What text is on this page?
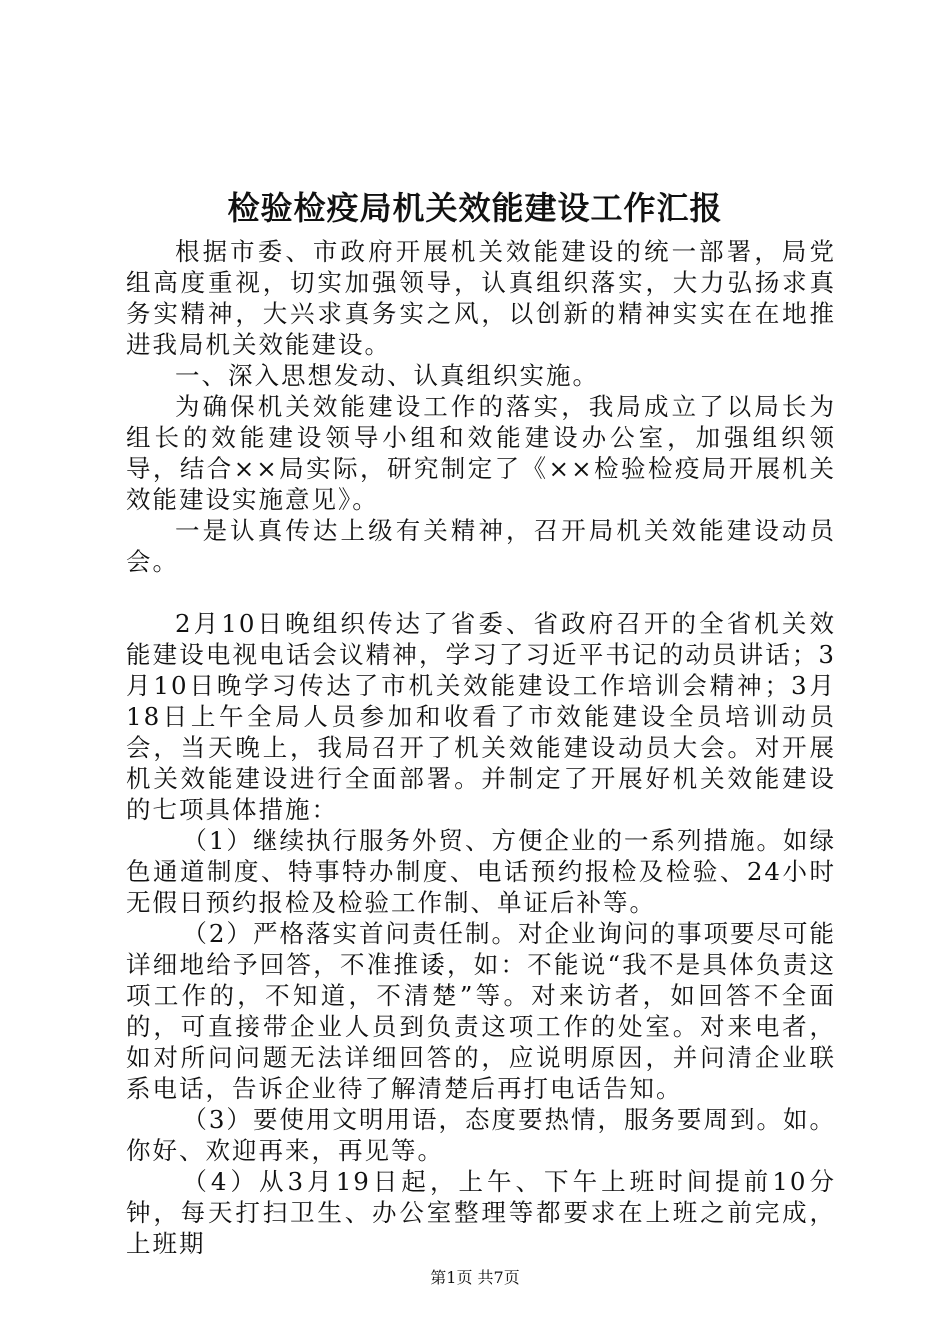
检验检疫局机关效能建设工作汇报

根据市委、市政府开展机关效能建设的统一部署，局党组高度重视，切实加强领导，认真组织落实，大力弘扬求真务实精神，大兴求真务实之风，以创新的精神实实在在地推进我局机关效能建设。

一、深入思想发动、认真组织实施。

为确保机关效能建设工作的落实，我局成立了以局长为组长的效能建设领导小组和效能建设办公室，加强组织领导，结合××局实际，研究制定了《××检验检疫局开展机关效能建设实施意见》。

一是认真传达上级有关精神，召开局机关效能建设动员会。

2月10日晚组织传达了省委、省政府召开的全省机关效能建设电视电话会议精神，学习了习近平书记的动员讲话；3月10日晚学习传达了市机关效能建设工作培训会精神；3月18日上午全局人员参加和收看了市效能建设全员培训动员会，当天晚上，我局召开了机关效能建设动员大会。对开展机关效能建设进行全面部署。并制定了开展好机关效能建设的七项具体措施：

（1）继续执行服务外贸、方便企业的一系列措施。如绿色通道制度、特事特办制度、电话预约报检及检验、24小时无假日预约报检及检验工作制、单证后补等。

（2）严格落实首问责任制。对企业询问的事项要尽可能详细地给予回答，不准推诿，如：不能说“我不是具体负责这项工作的，不知道，不清楚”等。对来访者，如回答不全面的，可直接带企业人员到负责这项工作的处室。对来电者，如对所问问题无法详细回答的，应说明原因，并问清企业联系电话，告诉企业待了解清楚后再打电话告知。

（3）要使用文明用语，态度要热情，服务要周到。如。你好、欢迎再来，再见等。

（4）从3月19日起，上午、下午上班时间提前10分钟，每天打扫卫生、办公室整理等都要求在上班之前完成，上班期

第1页 共7页
